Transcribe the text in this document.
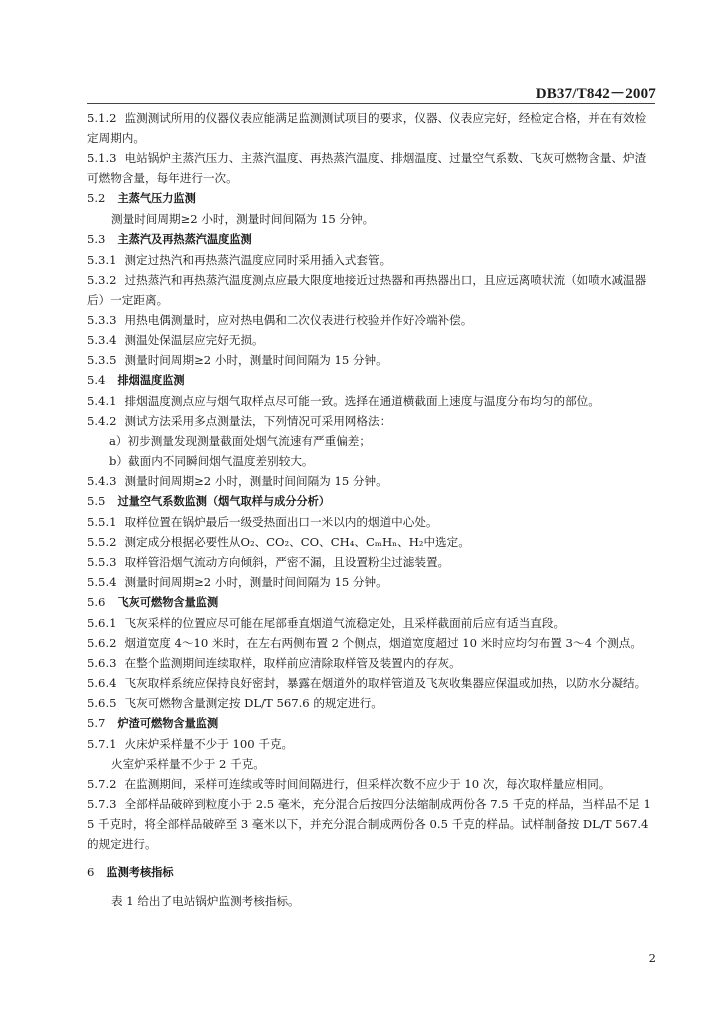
DB37/T842－2007

5.1.2 监测测试所用的仪器仪表应能满足监测测试项目的要求，仪器、仪表应完好，经检定合格，并在有效检定周期内。

5.1.3 电站锅炉主蒸汽压力、主蒸汽温度、再热蒸汽温度、排烟温度、过量空气系数、飞灰可燃物含量、炉渣可燃物含量，每年进行一次。

5.2 主蒸气压力监测

测量时间周期≥2 小时，测量时间间隔为 15 分钟。

5.3 主蒸汽及再热蒸汽温度监测

5.3.1 测定过热汽和再热蒸汽温度应同时采用插入式套管。

5.3.2 过热蒸汽和再热蒸汽温度测点应最大限度地接近过热器和再热器出口，且应远离喷状流（如喷水减温器后）一定距离。

5.3.3 用热电偶测量时，应对热电偶和二次仪表进行校验并作好冷端补偿。

5.3.4 测温处保温层应完好无损。

5.3.5 测量时间周期≥2 小时，测量时间间隔为 15 分钟。

5.4 排烟温度监测

5.4.1 排烟温度测点应与烟气取样点尽可能一致。选择在通道横截面上速度与温度分布均匀的部位。

5.4.2 测试方法采用多点测量法，下列情况可采用网格法：

a）初步测量发现测量截面处烟气流速有严重偏差；

b）截面内不同瞬间烟气温度差别较大。

5.4.3 测量时间周期≥2 小时，测量时间间隔为 15 分钟。

5.5 过量空气系数监测（烟气取样与成分分析）

5.5.1 取样位置在锅炉最后一级受热面出口一米以内的烟道中心处。

5.5.2 测定成分根据必要性从O₂、CO₂、CO、CH₄、CₘHₙ、H₂中选定。

5.5.3 取样管沿烟气流动方向倾斜，严密不漏，且设置粉尘过滤装置。

5.5.4 测量时间周期≥2 小时，测量时间间隔为 15 分钟。

5.6 飞灰可燃物含量监测

5.6.1 飞灰采样的位置应尽可能在尾部垂直烟道气流稳定处，且采样截面前后应有适当直段。

5.6.2 烟道宽度 4～10 米时，在左右两侧布置 2 个侧点，烟道宽度超过 10 米时应均匀布置 3～4 个测点。

5.6.3 在整个监测期间连续取样，取样前应清除取样管及装置内的存灰。

5.6.4 飞灰取样系统应保持良好密封，暴露在烟道外的取样管道及飞灰收集器应保温或加热，以防水分凝结。

5.6.5 飞灰可燃物含量测定按 DL/T 567.6 的规定进行。

5.7 炉渣可燃物含量监测

5.7.1 火床炉采样量不少于 100 千克。

火室炉采样量不少于 2 千克。

5.7.2 在监测期间，采样可连续或等时间间隔进行，但采样次数不应少于 10 次，每次取样量应相同。

5.7.3 全部样品破碎到粒度小于 2.5 毫米，充分混合后按四分法缩制成两份各 7.5 千克的样品，当样品不足 15 千克时，将全部样品破碎至 3 毫米以下，并充分混合制成两份各 0.5 千克的样品。试样制备按 DL/T 567.4 的规定进行。

6 监测考核指标

表 1 给出了电站锅炉监测考核指标。

2
